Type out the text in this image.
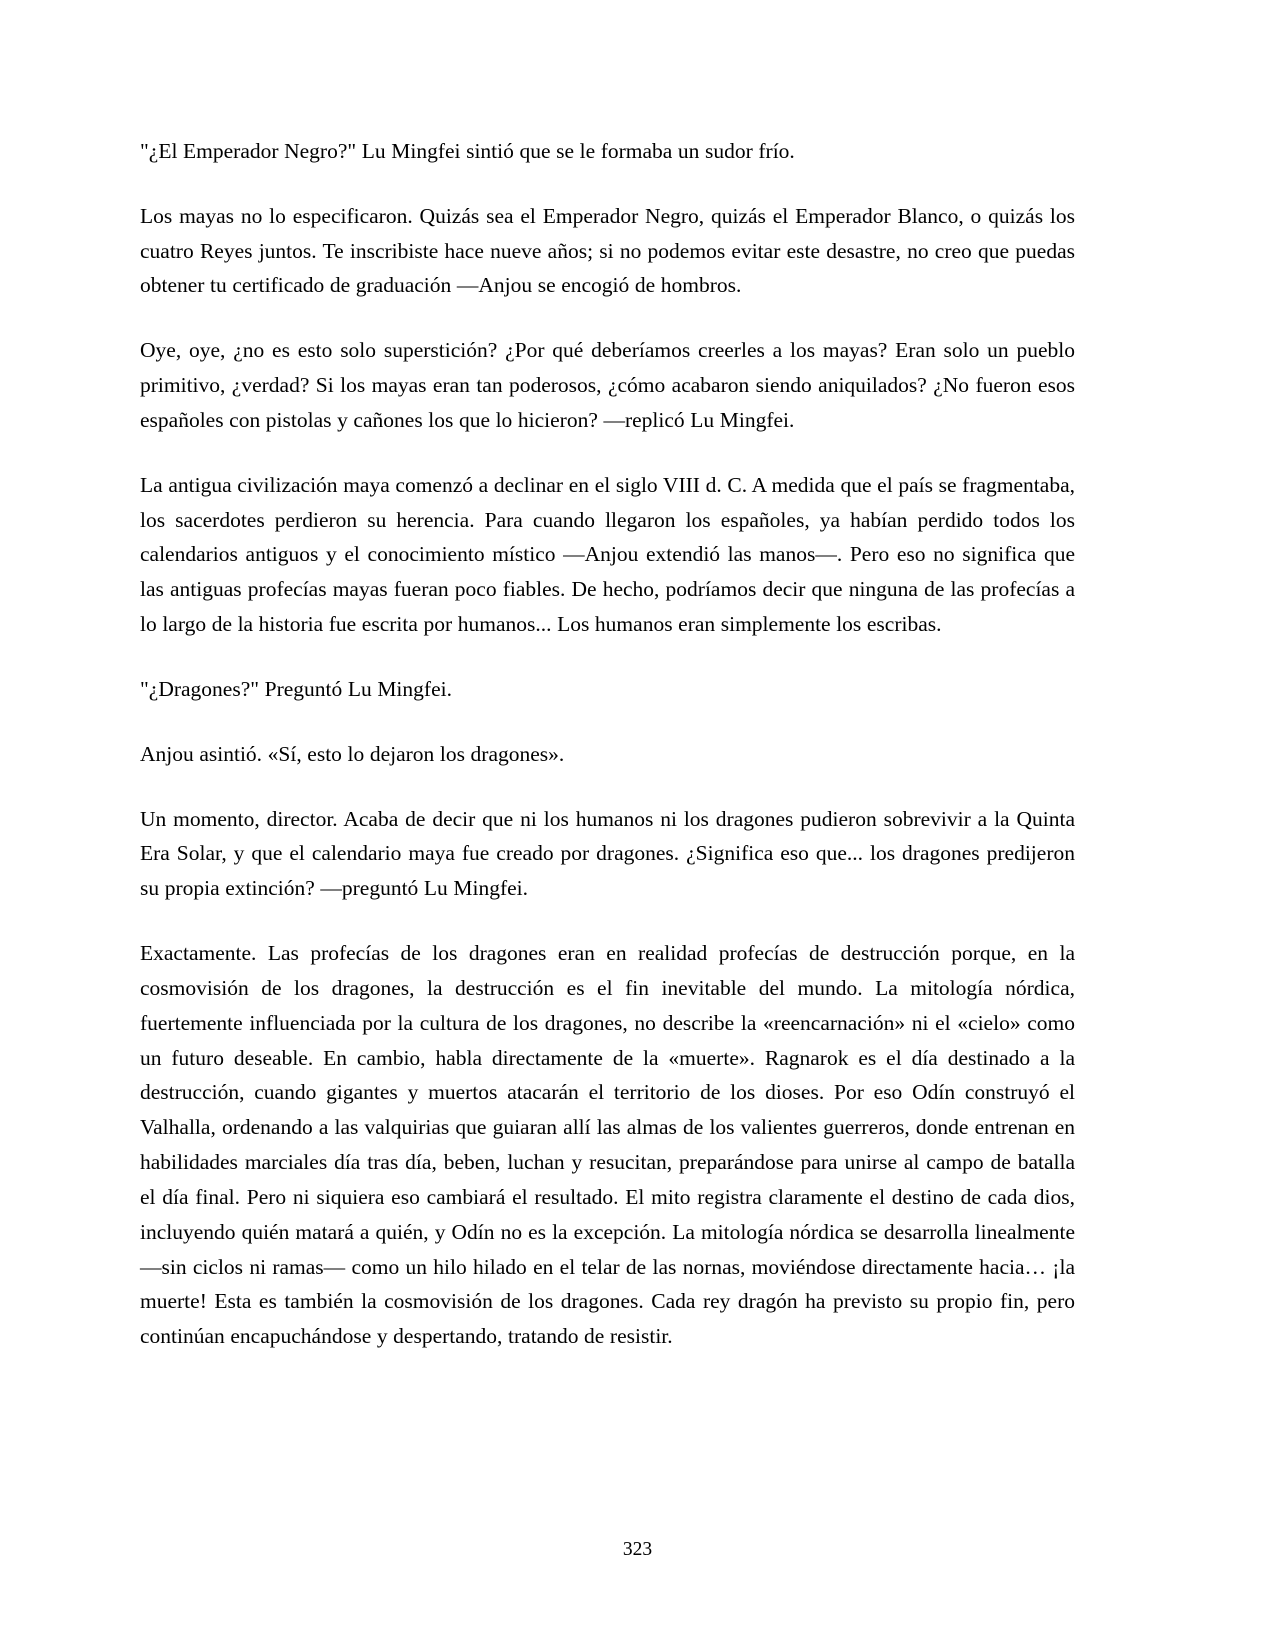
"¿El Emperador Negro?" Lu Mingfei sintió que se le formaba un sudor frío.

Los mayas no lo especificaron. Quizás sea el Emperador Negro, quizás el Emperador Blanco, o quizás los cuatro Reyes juntos. Te inscribiste hace nueve años; si no podemos evitar este desastre, no creo que puedas obtener tu certificado de graduación —Anjou se encogió de hombros.

Oye, oye, ¿no es esto solo superstición? ¿Por qué deberíamos creerles a los mayas? Eran solo un pueblo primitivo, ¿verdad? Si los mayas eran tan poderosos, ¿cómo acabaron siendo aniquilados? ¿No fueron esos españoles con pistolas y cañones los que lo hicieron? —replicó Lu Mingfei.

La antigua civilización maya comenzó a declinar en el siglo VIII d. C. A medida que el país se fragmentaba, los sacerdotes perdieron su herencia. Para cuando llegaron los españoles, ya habían perdido todos los calendarios antiguos y el conocimiento místico —Anjou extendió las manos—. Pero eso no significa que las antiguas profecías mayas fueran poco fiables. De hecho, podríamos decir que ninguna de las profecías a lo largo de la historia fue escrita por humanos... Los humanos eran simplemente los escribas.

"¿Dragones?" Preguntó Lu Mingfei.

Anjou asintió. «Sí, esto lo dejaron los dragones».

Un momento, director. Acaba de decir que ni los humanos ni los dragones pudieron sobrevivir a la Quinta Era Solar, y que el calendario maya fue creado por dragones. ¿Significa eso que... los dragones predijeron su propia extinción? —preguntó Lu Mingfei.

Exactamente. Las profecías de los dragones eran en realidad profecías de destrucción porque, en la cosmovisión de los dragones, la destrucción es el fin inevitable del mundo. La mitología nórdica, fuertemente influenciada por la cultura de los dragones, no describe la «reencarnación» ni el «cielo» como un futuro deseable. En cambio, habla directamente de la «muerte». Ragnarok es el día destinado a la destrucción, cuando gigantes y muertos atacarán el territorio de los dioses. Por eso Odín construyó el Valhalla, ordenando a las valquirias que guiaran allí las almas de los valientes guerreros, donde entrenan en habilidades marciales día tras día, beben, luchan y resucitan, preparándose para unirse al campo de batalla el día final. Pero ni siquiera eso cambiará el resultado. El mito registra claramente el destino de cada dios, incluyendo quién matará a quién, y Odín no es la excepción. La mitología nórdica se desarrolla linealmente —sin ciclos ni ramas— como un hilo hilado en el telar de las nornas, moviéndose directamente hacia… ¡la muerte! Esta es también la cosmovisión de los dragones. Cada rey dragón ha previsto su propio fin, pero continúan encapuchándose y despertando, tratando de resistir.

323
